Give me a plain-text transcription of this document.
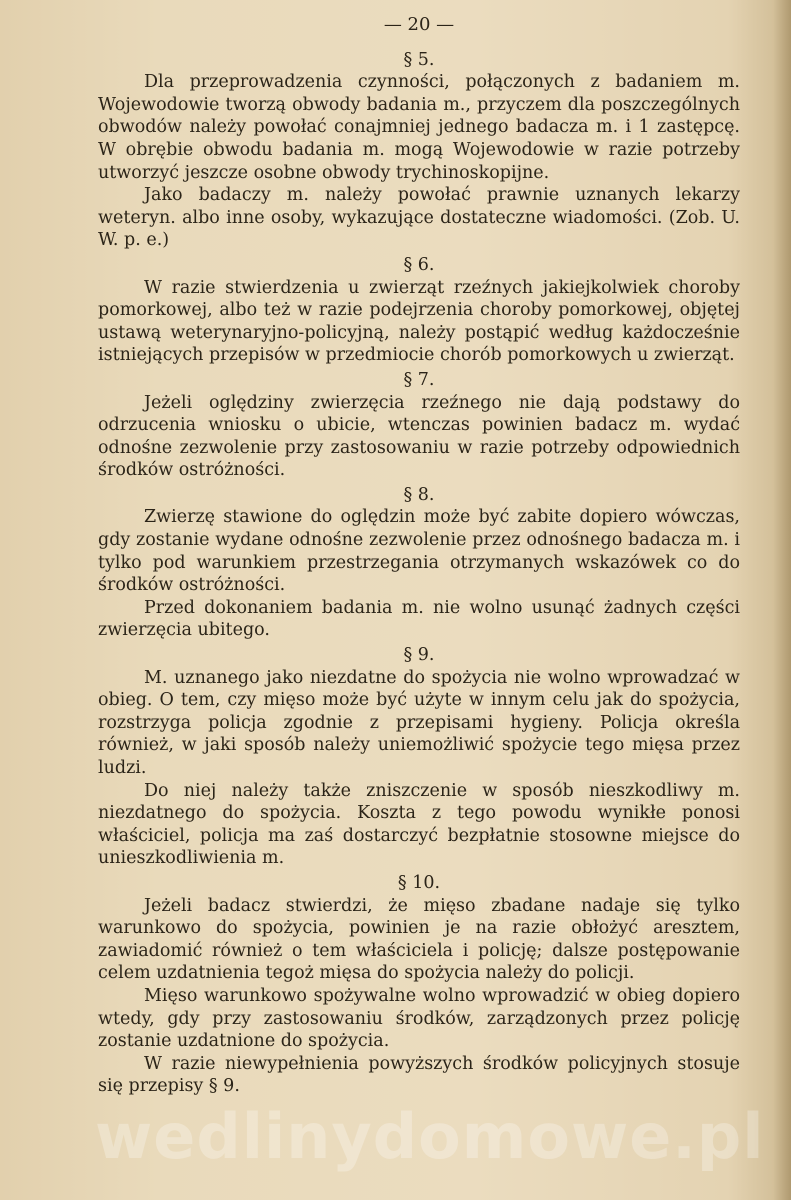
— 20 —
§ 5.

Dla przeprowadzenia czynności, połączonych z badaniem m. Wojewodowie tworzą obwody badania m., przyczem dla poszczególnych obwodów należy powołać conajmniej jednego badacza m. i 1 zastępcę. W obrębie obwodu badania m. mogą Wojewodowie w razie potrzeby utworzyć jeszcze osobne obwody trychinoskopijne.

Jako badaczy m. należy powołać prawnie uznanych lekarzy weteryn. albo inne osoby, wykazujące dostateczne wiadomości. (Zob. U. W. p. e.)

§ 6.

W razie stwierdzenia u zwierząt rzeźnych jakiejkolwiek choroby pomorkowej, albo też w razie podejrzenia choroby pomorkowej, objętej ustawą weterynaryjno-policyjną, należy postąpić według każdocześnie istniejących przepisów w przedmiocie chorób pomorkowych u zwierząt.

§ 7.

Jeżeli oględziny zwierzęcia rzeźnego nie dają podstawy do odrzucenia wniosku o ubicie, wtenczas powinien badacz m. wydać odnośne zezwolenie przy zastosowaniu w razie potrzeby odpowiednich środków ostróżności.

§ 8.

Zwierzę stawione do oględzin może być zabite dopiero wówczas, gdy zostanie wydane odnośne zezwolenie przez odnośnego badacza m. i tylko pod warunkiem przestrzegania otrzymanych wskazówek co do środków ostróżności.

Przed dokonaniem badania m. nie wolno usunąć żadnych części zwierzęcia ubitego.

§ 9.

M. uznanego jako niezdatne do spożycia nie wolno wprowadzać w obieg. O tem, czy mięso może być użyte w innym celu jak do spożycia, rozstrzyga policja zgodnie z przepisami hygieny. Policja określa również, w jaki sposób należy uniemożliwić spożycie tego mięsa przez ludzi.

Do niej należy także zniszczenie w sposób nieszkodliwy m. niezdatnego do spożycia. Koszta z tego powodu wynikłe ponosi właściciel, policja ma zaś dostarczyć bezpłatnie stosowne miejsce do unieszkodliwienia m.

§ 10.

Jeżeli badacz stwierdzi, że mięso zbadane nadaje się tylko warunkowo do spożycia, powinien je na razie obłożyć aresztem, zawiadomić również o tem właściciela i policję; dalsze postępowanie celem uzdatnienia tegoż mięsa do spożycia należy do policji.

Mięso warunkowo spożywalne wolno wprowadzić w obieg dopiero wtedy, gdy przy zastosowaniu środków, zarządzonych przez policję zostanie uzdatnione do spożycia.

W razie niewypełnienia powyższych środków policyjnych stosuje się przepisy § 9.

wedlinydomowe.pl
